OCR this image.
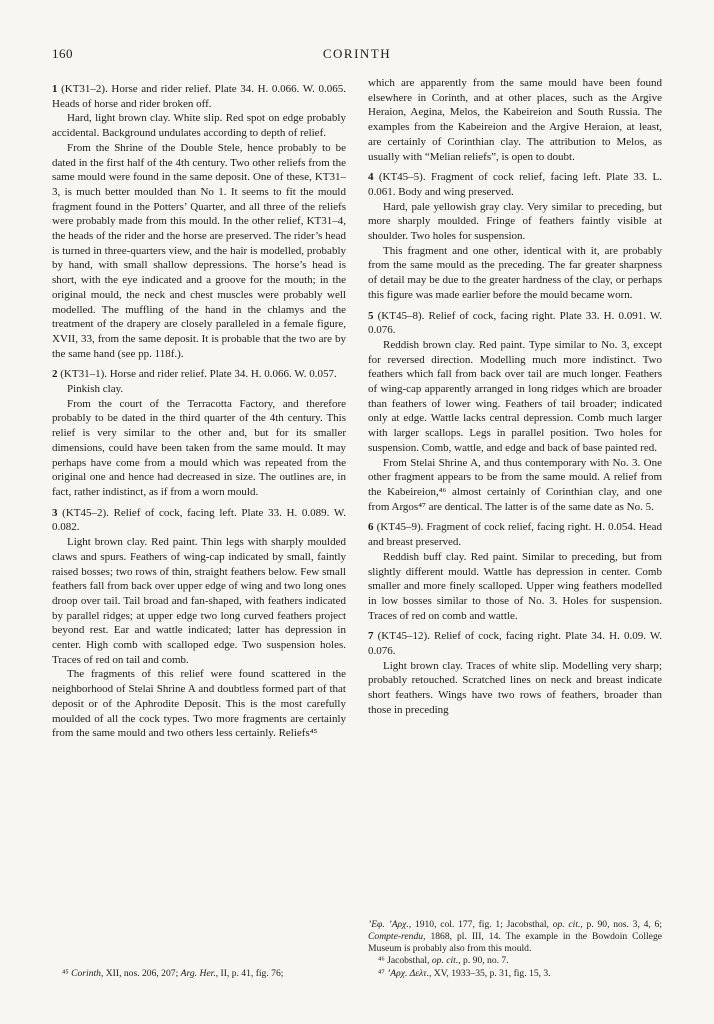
160	CORINTH

1 (KT31–2). Horse and rider relief. Plate 34. H. 0.066. W. 0.065. Heads of horse and rider broken off.

Hard, light brown clay. White slip. Red spot on edge probably accidental. Background undulates according to depth of relief.

From the Shrine of the Double Stele, hence probably to be dated in the first half of the 4th century. Two other reliefs from the same mould were found in the same deposit. One of these, KT31–3, is much better moulded than No 1. It seems to fit the mould fragment found in the Potters’ Quarter, and all three of the reliefs were probably made from this mould. In the other relief, KT31–4, the heads of the rider and the horse are preserved. The rider’s head is turned in three-quarters view, and the hair is modelled, probably by hand, with small shallow depressions. The horse’s head is short, with the eye indicated and a groove for the mouth; in the original mould, the neck and chest muscles were probably well modelled. The muffling of the hand in the chlamys and the treatment of the drapery are closely paralleled in a female figure, XVII, 33, from the same deposit. It is probable that the two are by the same hand (see pp. 118f.).

2 (KT31–1). Horse and rider relief. Plate 34. H. 0.066. W. 0.057.

Pinkish clay.

From the court of the Terracotta Factory, and therefore probably to be dated in the third quarter of the 4th century. This relief is very similar to the other and, but for its smaller dimensions, could have been taken from the same mould. It may perhaps have come from a mould which was repeated from the original one and hence had decreased in size. The outlines are, in fact, rather indistinct, as if from a worn mould.

3 (KT45–2). Relief of cock, facing left. Plate 33. H. 0.089. W. 0.082.

Light brown clay. Red paint. Thin legs with sharply moulded claws and spurs. Feathers of wing-cap indicated by small, faintly raised bosses; two rows of thin, straight feathers below. Few small feathers fall from back over upper edge of wing and two long ones droop over tail. Tail broad and fan-shaped, with feathers indicated by parallel ridges; at upper edge two long curved feathers project beyond rest. Ear and wattle indicated; latter has depression in center. High comb with scalloped edge. Two suspension holes. Traces of red on tail and comb.

The fragments of this relief were found scattered in the neighborhood of Stelai Shrine A and doubtless formed part of that deposit or of the Aphrodite Deposit. This is the most carefully moulded of all the cock types. Two more fragments are certainly from the same mould and two others less certainly. Reliefs⁴⁵

⁴⁵ Corinth, XII, nos. 206, 207; Arg. Her., II, p. 41, fig. 76;

which are apparently from the same mould have been found elsewhere in Corinth, and at other places, such as the Argive Heraion, Aegina, Melos, the Kabeireion and South Russia. The examples from the Kabeireion and the Argive Heraion, at least, are certainly of Corinthian clay. The attribution to Melos, as usually with “Melian reliefs”, is open to doubt.

4 (KT45–5). Fragment of cock relief, facing left. Plate 33. L. 0.061. Body and wing preserved.

Hard, pale yellowish gray clay. Very similar to preceding, but more sharply moulded. Fringe of feathers faintly visible at shoulder. Two holes for suspension.

This fragment and one other, identical with it, are probably from the same mould as the preceding. The far greater sharpness of detail may be due to the greater hardness of the clay, or perhaps this figure was made earlier before the mould became worn.

5 (KT45–8). Relief of cock, facing right. Plate 33. H. 0.091. W. 0.076.

Reddish brown clay. Red paint. Type similar to No. 3, except for reversed direction. Modelling much more indistinct. Two feathers which fall from back over tail are much longer. Feathers of wing-cap apparently arranged in long ridges which are broader than feathers of lower wing. Feathers of tail broader; indicated only at edge. Wattle lacks central depression. Comb much larger with larger scallops. Legs in parallel position. Two holes for suspension. Comb, wattle, and edge and back of base painted red.

From Stelai Shrine A, and thus contemporary with No. 3. One other fragment appears to be from the same mould. A relief from the Kabeireion,⁴⁶ almost certainly of Corinthian clay, and one from Argos⁴⁷ are dentical. The latter is of the same date as No. 5.

6 (KT45–9). Fragment of cock relief, facing right. H. 0.054. Head and breast preserved.

Reddish buff clay. Red paint. Similar to preceding, but from slightly different mould. Wattle has depression in center. Comb smaller and more finely scalloped. Upper wing feathers modelled in low bosses similar to those of No. 3. Holes for suspension. Traces of red on comb and wattle.

7 (KT45–12). Relief of cock, facing right. Plate 34. H. 0.09. W. 0.076.

Light brown clay. Traces of white slip. Modelling very sharp; probably retouched. Scratched lines on neck and breast indicate short feathers. Wings have two rows of feathers, broader than those in preceding

’Εφ. ’Αρχ., 1910, col. 177, fig. 1; Jacobsthal, op. cit., p. 90, nos. 3, 4, 6; Compte-rendu, 1868, pl. III, 14. The example in the Bowdoin College Museum is probably also from this mould.

⁴⁶ Jacobsthal, op. cit., p. 90, no. 7.

⁴⁷ ’Αρχ. Δελτ., XV, 1933–35, p. 31, fig. 15, 3.
